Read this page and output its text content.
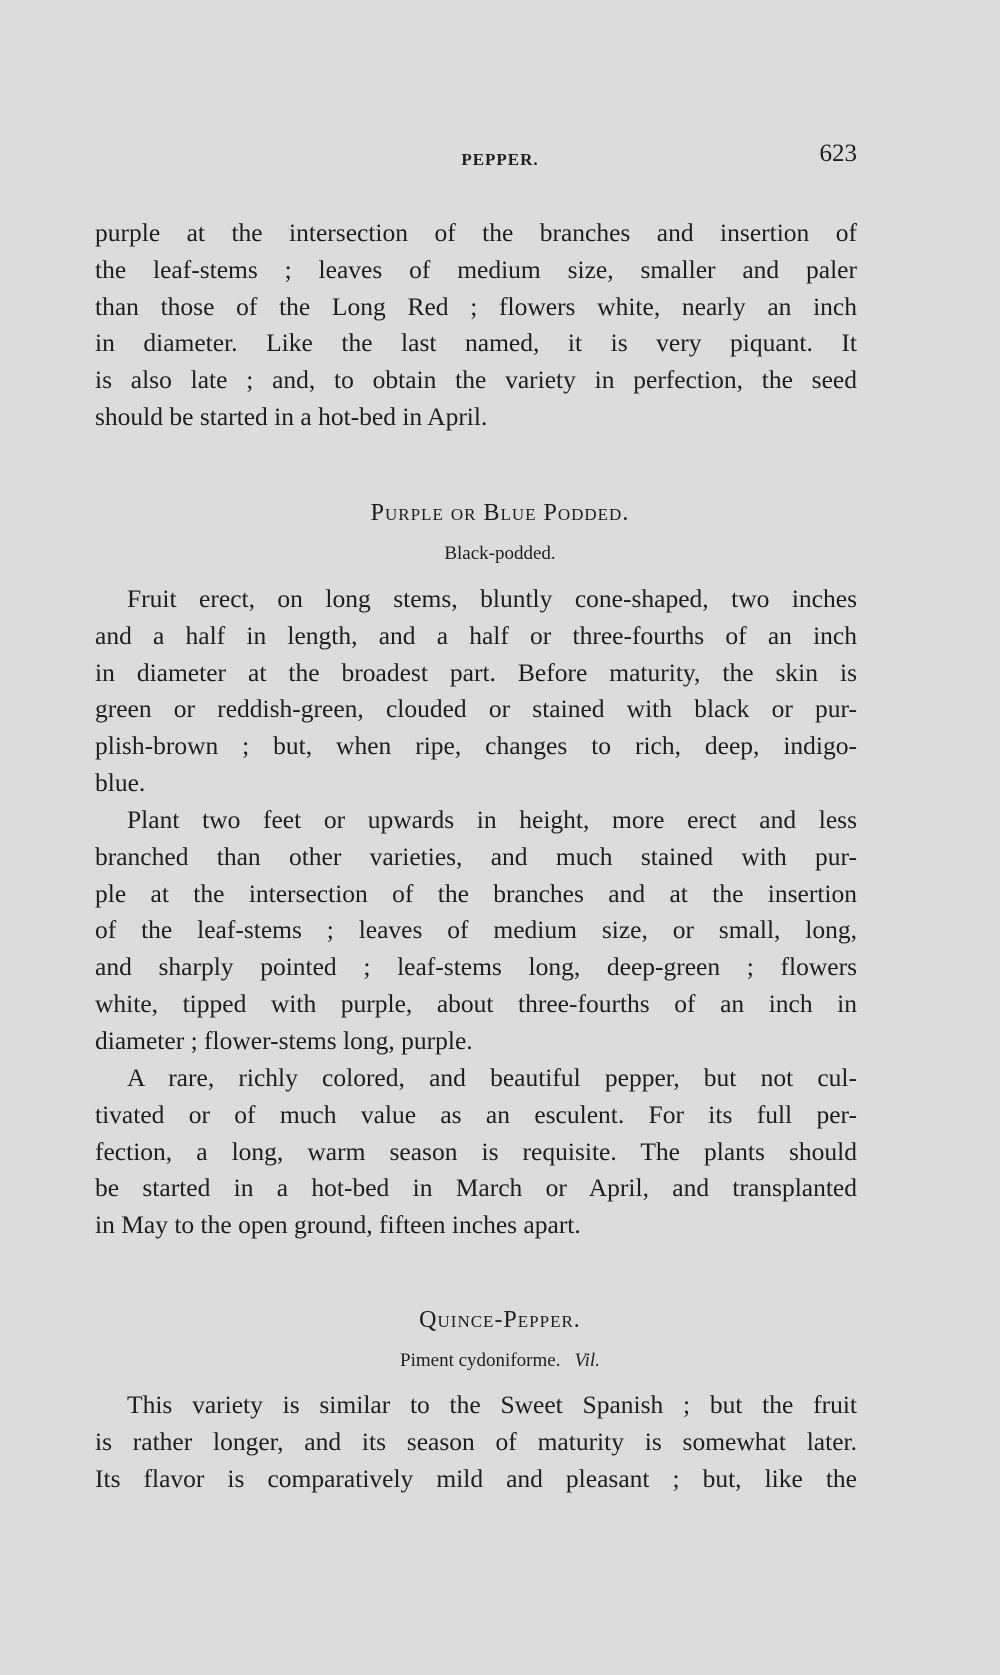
PEPPER.	623
purple at the intersection of the branches and insertion of
the leaf-stems ; leaves of medium size, smaller and paler
than those of the Long Red ; flowers white, nearly an inch
in diameter. Like the last named, it is very piquant. It
is also late ; and, to obtain the variety in perfection, the seed
should be started in a hot-bed in April.
Purple or Blue Podded.
Black-podded.
Fruit erect, on long stems, bluntly cone-shaped, two inches
and a half in length, and a half or three-fourths of an inch
in diameter at the broadest part. Before maturity, the skin is
green or reddish-green, clouded or stained with black or pur-
plish-brown ; but, when ripe, changes to rich, deep, indigo-
blue.
Plant two feet or upwards in height, more erect and less
branched than other varieties, and much stained with pur-
ple at the intersection of the branches and at the insertion
of the leaf-stems ; leaves of medium size, or small, long,
and sharply pointed ; leaf-stems long, deep-green ; flowers
white, tipped with purple, about three-fourths of an inch in
diameter ; flower-stems long, purple.
A rare, richly colored, and beautiful pepper, but not cul-
tivated or of much value as an esculent. For its full per-
fection, a long, warm season is requisite. The plants should
be started in a hot-bed in March or April, and transplanted
in May to the open ground, fifteen inches apart.
Quince-Pepper.
Piment cydoniforme. Vil.
This variety is similar to the Sweet Spanish ; but the fruit
is rather longer, and its season of maturity is somewhat later.
Its flavor is comparatively mild and pleasant ; but, like the
